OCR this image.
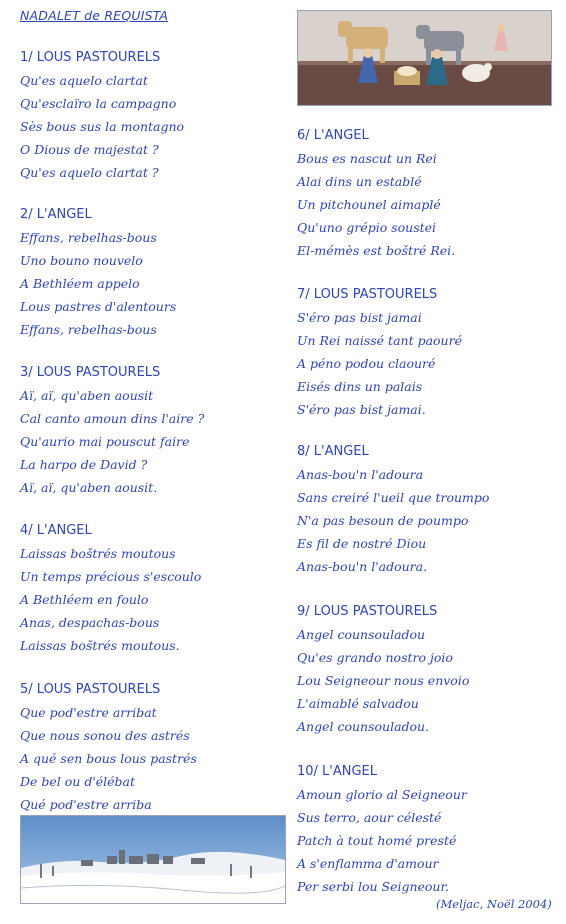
NADALET de REQUISTA
1/ LOUS PASTOURELS
Qu'es aquelo clartat
Qu'esclaïro la campagno
Sès bous sus la montagno
O Dious de majestat ?
Qu'es aquelo clartat ?
2/ L'ANGEL
Effans, rebelhas-bous
Uno bouno nouvelo
A Bethléem appelo
Lous pastres d'alentours
Effans, rebelhas-bous
3/ LOUS PASTOURELS
Aï, aï, qu'aben aousit
Cal canto amoun dins l'aire ?
Qu'aurio mai pouscut faire
La harpo de David ?
Aï, aï, qu'aben aousit.
4/ L'ANGEL
Laissas boštrés moutous
Un temps précious s'escoulo
A Bethléem en foulo
Anas, despachas-bous
Laissas boštrés moutous.
5/ LOUS PASTOURELS
Que pod'estre arribat
Que nous sonou des astrés
A qué sen bous lous pastrés
De bel ou d'élébat
Qué pod'estre arriba
6/ L'ANGEL
Bous es nascut un Rei
Alai dins un establé
Un pitchounel aimaplé
Qu'uno grépio soustei
El-mémès est boštré Rei.
7/ LOUS PASTOURELS
S'éro pas bist jamai
Un Rei naissé tant paouré
A péno podou claouré
Eisés dins un palais
S'éro pas bist jamai.
8/ L'ANGEL
Anas-bou'n l'adoura
Sans creiré l'ueil que troumpo
N'a pas besoun de poumpo
Es fil de nostré Diou
Anas-bou'n l'adoura.
9/ LOUS PASTOURELS
Angel counsouladou
Qu'es grando nostro joio
Lou Seigneour nous envoio
L'aimablé salvadou
Angel counsouladou.
10/ L'ANGEL
Amoun glorio al Seigneour
Sus terro, aour célesté
Patch à tout homé presté
A s'enflamma d'amour
Per serbi lou Seigneour.
(Meljac, Noël 2004)
